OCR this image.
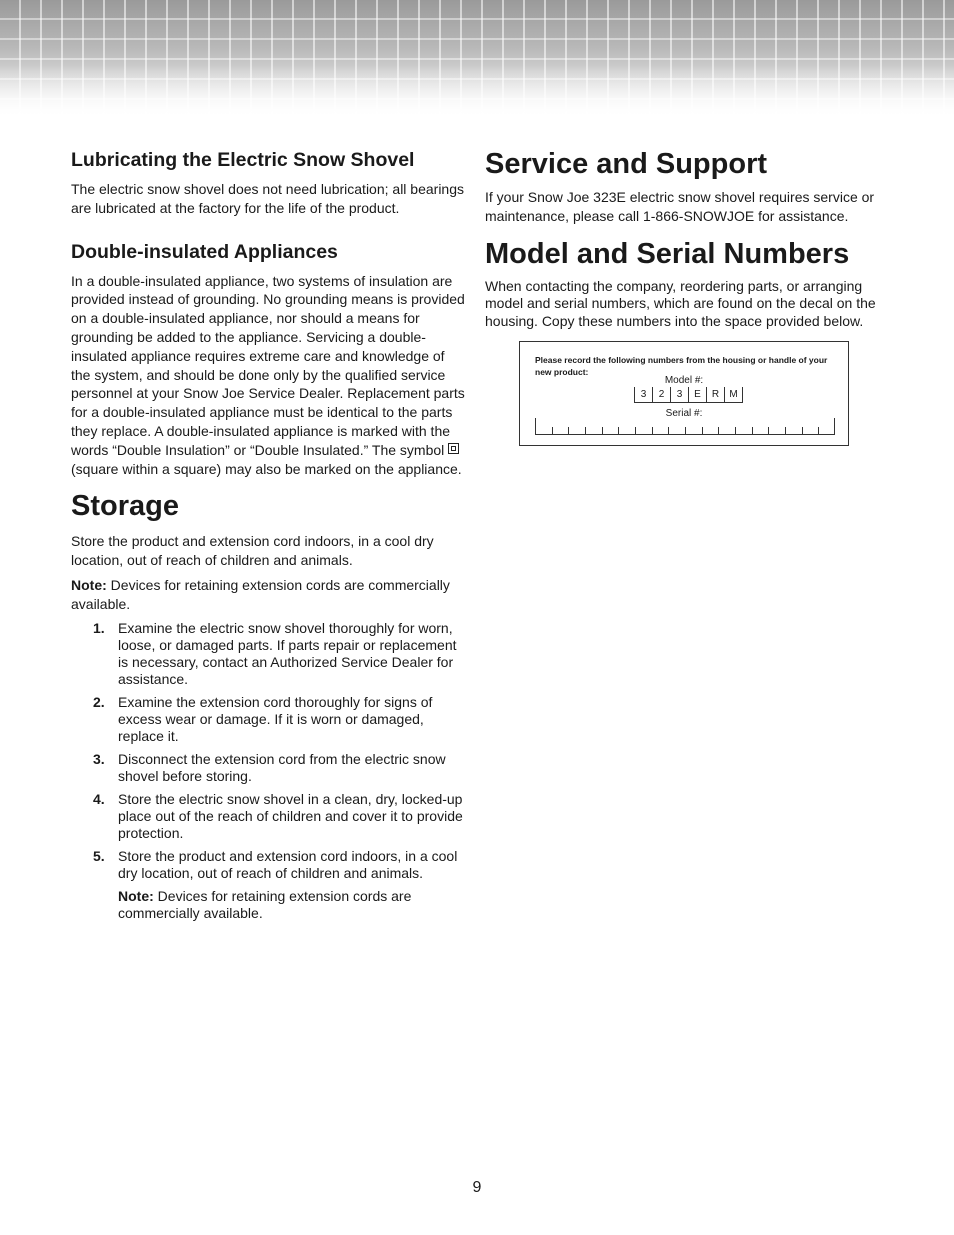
Lubricating the Electric Snow Shovel

The electric snow shovel does not need lubrication; all bearings are lubricated at the factory for the life of the product.

Double-insulated Appliances

In a double-insulated appliance, two systems of insulation are provided instead of grounding. No grounding means is provided on a double-insulated appliance, nor should a means for grounding be added to the appliance. Servicing a double-insulated appliance requires extreme care and knowledge of the system, and should be done only by the qualified service personnel at your Snow Joe Service Dealer. Replacement parts for a double-insulated appliance must be identical to the parts they replace. A double-insulated appliance is marked with the words “Double Insulation” or “Double Insulated.” The symbol(square within a square) may also be marked on the appliance.

Storage

Store the product and extension cord indoors, in a cool dry location, out of reach of children and animals.

Note: Devices for retaining extension cords are commercially available.

1. Examine the electric snow shovel thoroughly for worn, loose, or damaged parts. If parts repair or replacement is necessary, contact an Authorized Service Dealer for assistance.
2. Examine the extension cord thoroughly for signs of excess wear or damage. If it is worn or damaged, replace it.
3. Disconnect the extension cord from the electric snow shovel before storing.
4. Store the electric snow shovel in a clean, dry, locked-up place out of the reach of children and cover it to provide protection.
5. Store the product and extension cord indoors, in a cool dry location, out of reach of children and animals.

Note: Devices for retaining extension cords are commercially available.

Service and Support

If your Snow Joe 323E electric snow shovel requires service or maintenance, please call 1-866-SNOWJOE for assistance.

Model and Serial Numbers

When contacting the company, reordering parts, or arranging model and serial numbers, which are found on the decal on the housing. Copy these numbers into the space provided below.

Please record the following numbers from the housing or handle of your new product:
Model #:
3	2	3	E	R	M
Serial #:
9
